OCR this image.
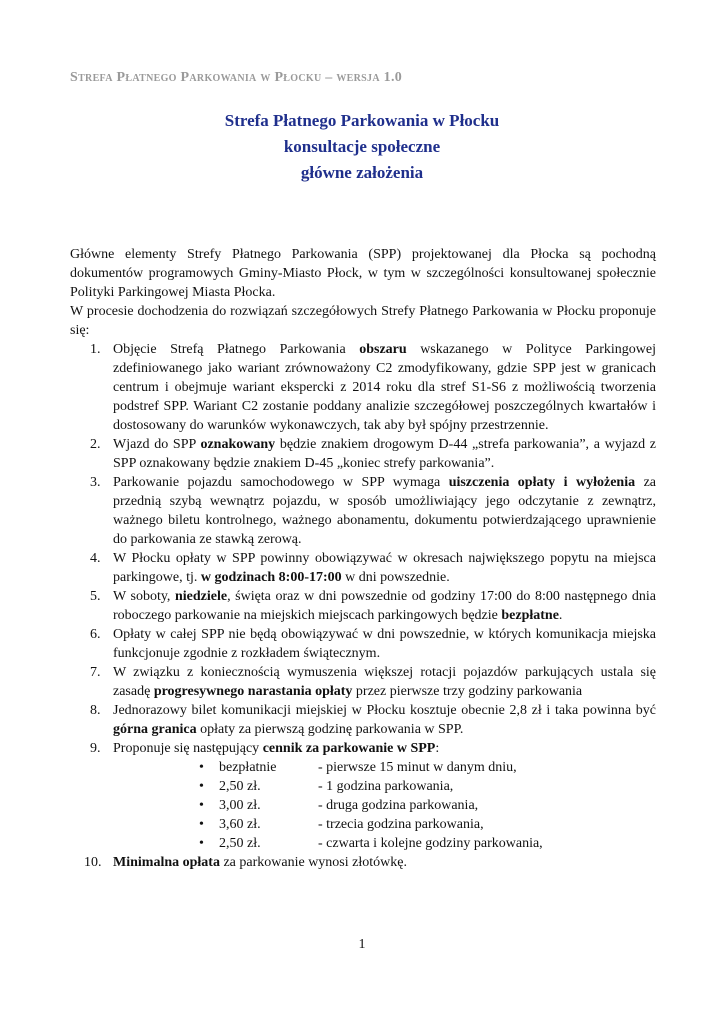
Strefa Płatnego Parkowania w Płocku – wersja 1.0
Strefa Płatnego Parkowania w Płocku
konsultacje społeczne
główne założenia

Główne elementy Strefy Płatnego Parkowania (SPP) projektowanej dla Płocka są pochodną dokumentów programowych Gminy-Miasto Płock, w tym w szczególności konsultowanej społecznie Polityki Parkingowej Miasta Płocka.

W procesie dochodzenia do rozwiązań szczegółowych Strefy Płatnego Parkowania w Płocku proponuje się:

1. Objęcie Strefą Płatnego Parkowania obszaru wskazanego w Polityce Parkingowej zdefiniowanego jako wariant zrównoważony C2 zmodyfikowany, gdzie SPP jest w granicach centrum i obejmuje wariant ekspercki z 2014 roku dla stref S1-S6 z możliwością tworzenia podstref SPP. Wariant C2 zostanie poddany analizie szczegółowej poszczególnych kwartałów i dostosowany do warunków wykonawczych, tak aby był spójny przestrzennie.
2. Wjazd do SPP oznakowany będzie znakiem drogowym D-44 „strefa parkowania”, a wyjazd z SPP oznakowany będzie znakiem D-45 „koniec strefy parkowania”.
3. Parkowanie pojazdu samochodowego w SPP wymaga uiszczenia opłaty i wyłożenia za przednią szybą wewnątrz pojazdu, w sposób umożliwiający jego odczytanie z zewnątrz, ważnego biletu kontrolnego, ważnego abonamentu, dokumentu potwierdzającego uprawnienie do parkowania ze stawką zerową.
4. W Płocku opłaty w SPP powinny obowiązywać w okresach największego popytu na miejsca parkingowe, tj. w godzinach 8:00-17:00 w dni powszednie.
5. W soboty, niedziele, święta oraz w dni powszednie od godziny 17:00 do 8:00 następnego dnia roboczego parkowanie na miejskich miejscach parkingowych będzie bezpłatne.
6. Opłaty w całej SPP nie będą obowiązywać w dni powszednie, w których komunikacja miejska funkcjonuje zgodnie z rozkładem świątecznym.
7. W związku z koniecznością wymuszenia większej rotacji pojazdów parkujących ustala się zasadę progresywnego narastania opłaty przez pierwsze trzy godziny parkowania
8. Jednorazowy bilet komunikacji miejskiej w Płocku kosztuje obecnie 2,8 zł i taka powinna być górna granica opłaty za pierwszą godzinę parkowania w SPP.
9. Proponuje się następujący cennik za parkowanie w SPP:
• bezpłatnie	- pierwsze 15 minut w danym dniu,
• 2,50 zł.	- 1 godzina parkowania,
• 3,00 zł.	- druga godzina parkowania,
• 3,60 zł.	- trzecia godzina parkowania,
• 2,50 zł.	- czwarta i kolejne godziny parkowania,
10. Minimalna opłata za parkowanie wynosi złotówkę.
1
